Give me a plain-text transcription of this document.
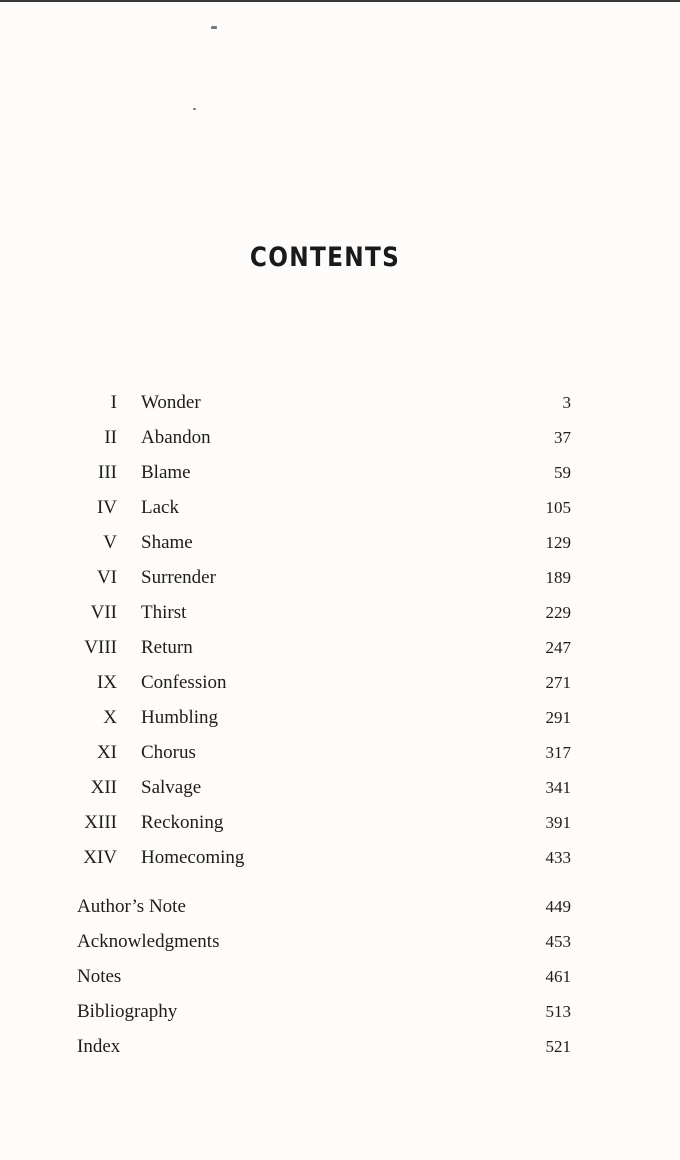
CONTENTS
I Wonder	3
II Abandon	37
III Blame	59
IV Lack	105
V Shame	129
VI Surrender	189
VII Thirst	229
VIII Return	247
IX Confession	271
X Humbling	291
XI Chorus	317
XII Salvage	341
XIII Reckoning	391
XIV Homecoming	433
Author’s Note	449
Acknowledgments	453
Notes	461
Bibliography	513
Index	521
